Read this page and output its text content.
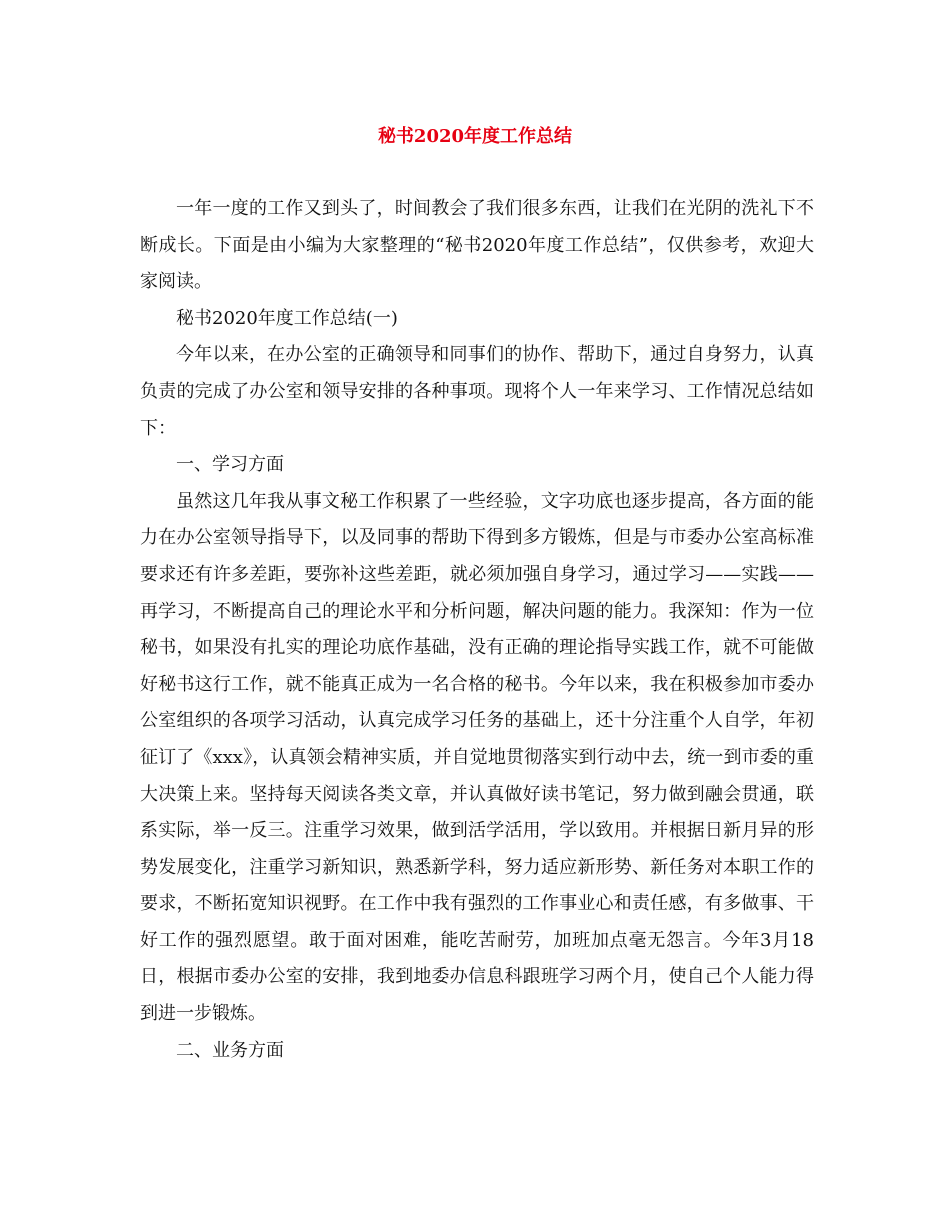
秘书2020年度工作总结

一年一度的工作又到头了，时间教会了我们很多东西，让我们在光阴的洗礼下不断成长。下面是由小编为大家整理的“秘书2020年度工作总结”，仅供参考，欢迎大家阅读。

秘书2020年度工作总结(一)

今年以来，在办公室的正确领导和同事们的协作、帮助下，通过自身努力，认真负责的完成了办公室和领导安排的各种事项。现将个人一年来学习、工作情况总结如下：

一、学习方面

虽然这几年我从事文秘工作积累了一些经验，文字功底也逐步提高，各方面的能力在办公室领导指导下，以及同事的帮助下得到多方锻炼，但是与市委办公室高标准要求还有许多差距，要弥补这些差距，就必须加强自身学习，通过学习——实践——再学习，不断提高自己的理论水平和分析问题，解决问题的能力。我深知：作为一位秘书，如果没有扎实的理论功底作基础，没有正确的理论指导实践工作，就不可能做好秘书这行工作，就不能真正成为一名合格的秘书。今年以来，我在积极参加市委办公室组织的各项学习活动，认真完成学习任务的基础上，还十分注重个人自学，年初征订了《xxx》，认真领会精神实质，并自觉地贯彻落实到行动中去，统一到市委的重大决策上来。坚持每天阅读各类文章，并认真做好读书笔记，努力做到融会贯通，联系实际，举一反三。注重学习效果，做到活学活用，学以致用。并根据日新月异的形势发展变化，注重学习新知识，熟悉新学科，努力适应新形势、新任务对本职工作的要求，不断拓宽知识视野。在工作中我有强烈的工作事业心和责任感，有多做事、干好工作的强烈愿望。敢于面对困难，能吃苦耐劳，加班加点毫无怨言。今年3月18日，根据市委办公室的安排，我到地委办信息科跟班学习两个月，使自己个人能力得到进一步锻炼。

二、业务方面
